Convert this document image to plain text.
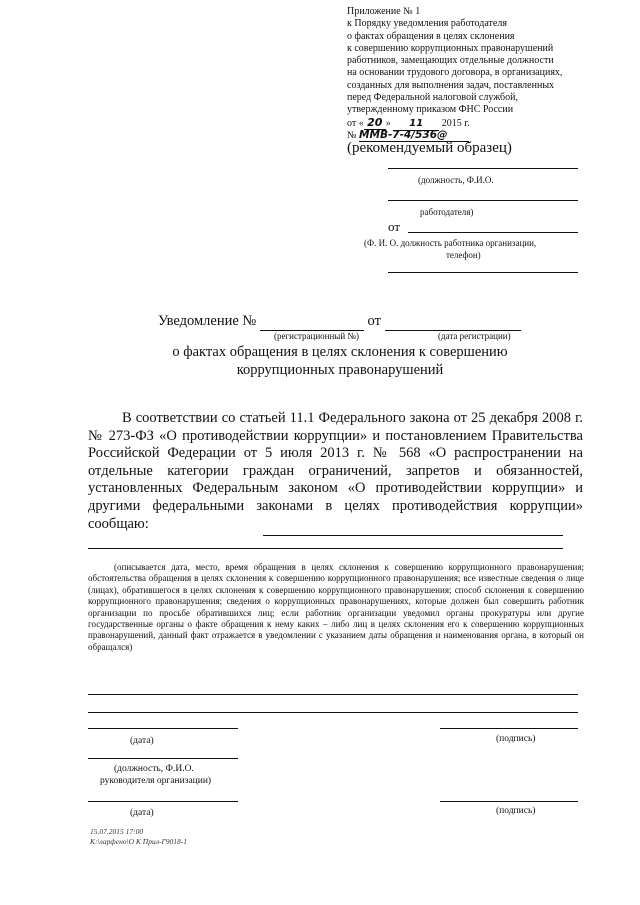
Приложение № 1
к Порядку уведомления работодателя
о фактах обращения в целях склонения
к совершению коррупционных правонарушений
работников, замещающих отдельные должности
на основании трудового договора, в организациях,
созданных для выполнения задач, поставленных
перед Федеральной налоговой службой,
утвержденному приказом ФНС России
от « 20 » 11 2015 г.
№ ММВ-7-4/536@
(рекомендуемый образец)
(должность, Ф.И.О.
работодателя)
от
(Ф. И. О. должность работника организации,
телефон)
Уведомление №	от
(регистрационный №)	(дата регистрации)
о фактах обращения в целях склонения к совершению
коррупционных правонарушений
В соответствии со статьей 11.1 Федерального закона от 25 декабря 2008 г. № 273-ФЗ «О противодействии коррупции» и постановлением Правительства Российской Федерации от 5 июля 2013 г. № 568 «О распространении на отдельные категории граждан ограничений, запретов и обязанностей, установленных Федеральным законом «О противодействии коррупции» и другими федеральными законами в целях противодействия коррупции» сообщаю:
(описывается дата, место, время обращения в целях склонения к совершению коррупционного правонарушения; обстоятельства обращения в целях склонения к совершению коррупционного правонарушения; все известные сведения о лице (лицах), обратившегося в целях склонения к совершению коррупционного правонарушения; способ склонения к совершению коррупционного правонарушения; сведения о коррупционных правонарушениях, которые должен был совершить работник организации по просьбе обратившихся лиц; если работник организации уведомил органы прокуратуры или другие государственные органы о факте обращения к нему каких – либо лиц в целях склонения его к совершению коррупционных правонарушений, данный факт отражается в уведомлении с указанием даты обращения и наименования органа, в который он обращался)
(дата)	(подпись)
(должность, Ф.И.О.
руководителя организации)
(дата)	(подпись)
15.07.2015 17:00
К:\ларфено\О К Прил-Г9018-1
